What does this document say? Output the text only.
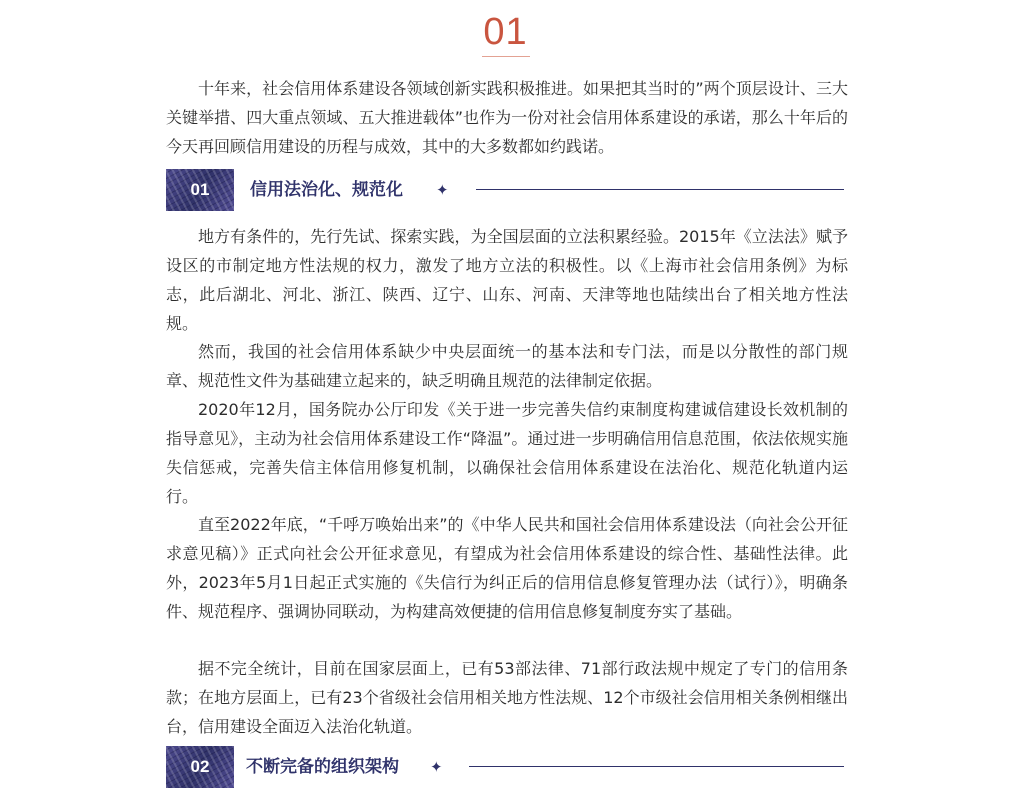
01

十年来，社会信用体系建设各领域创新实践积极推进。如果把其当时的”两个顶层设计、三大关键举措、四大重点领域、五大推进载体”也作为一份对社会信用体系建设的承诺，那么十年后的今天再回顾信用建设的历程与成效，其中的大多数都如约践诺。

01	信用法治化、规范化 ✦

地方有条件的，先行先试、探索实践，为全国层面的立法积累经验。2015年《立法法》赋予设区的市制定地方性法规的权力，激发了地方立法的积极性。以《上海市社会信用条例》为标志，此后湖北、河北、浙江、陕西、辽宁、山东、河南、天津等地也陆续出台了相关地方性法规。

然而，我国的社会信用体系缺少中央层面统一的基本法和专门法，而是以分散性的部门规章、规范性文件为基础建立起来的，缺乏明确且规范的法律制定依据。

2020年12月，国务院办公厅印发《关于进一步完善失信约束制度构建诚信建设长效机制的指导意见》，主动为社会信用体系建设工作“降温”。通过进一步明确信用信息范围，依法依规实施失信惩戒，完善失信主体信用修复机制，以确保社会信用体系建设在法治化、规范化轨道内运行。

直至2022年底，“千呼万唤始出来”的《中华人民共和国社会信用体系建设法（向社会公开征求意见稿）》正式向社会公开征求意见，有望成为社会信用体系建设的综合性、基础性法律。此外，2023年5月1日起正式实施的《失信行为纠正后的信用信息修复管理办法（试行）》，明确条件、规范程序、强调协同联动，为构建高效便捷的信用信息修复制度夯实了基础。

据不完全统计，目前在国家层面上，已有53部法律、71部行政法规中规定了专门的信用条款；在地方层面上，已有23个省级社会信用相关地方性法规、12个市级社会信用相关条例相继出台，信用建设全面迈入法治化轨道。

02	不断完备的组织架构 ✦
